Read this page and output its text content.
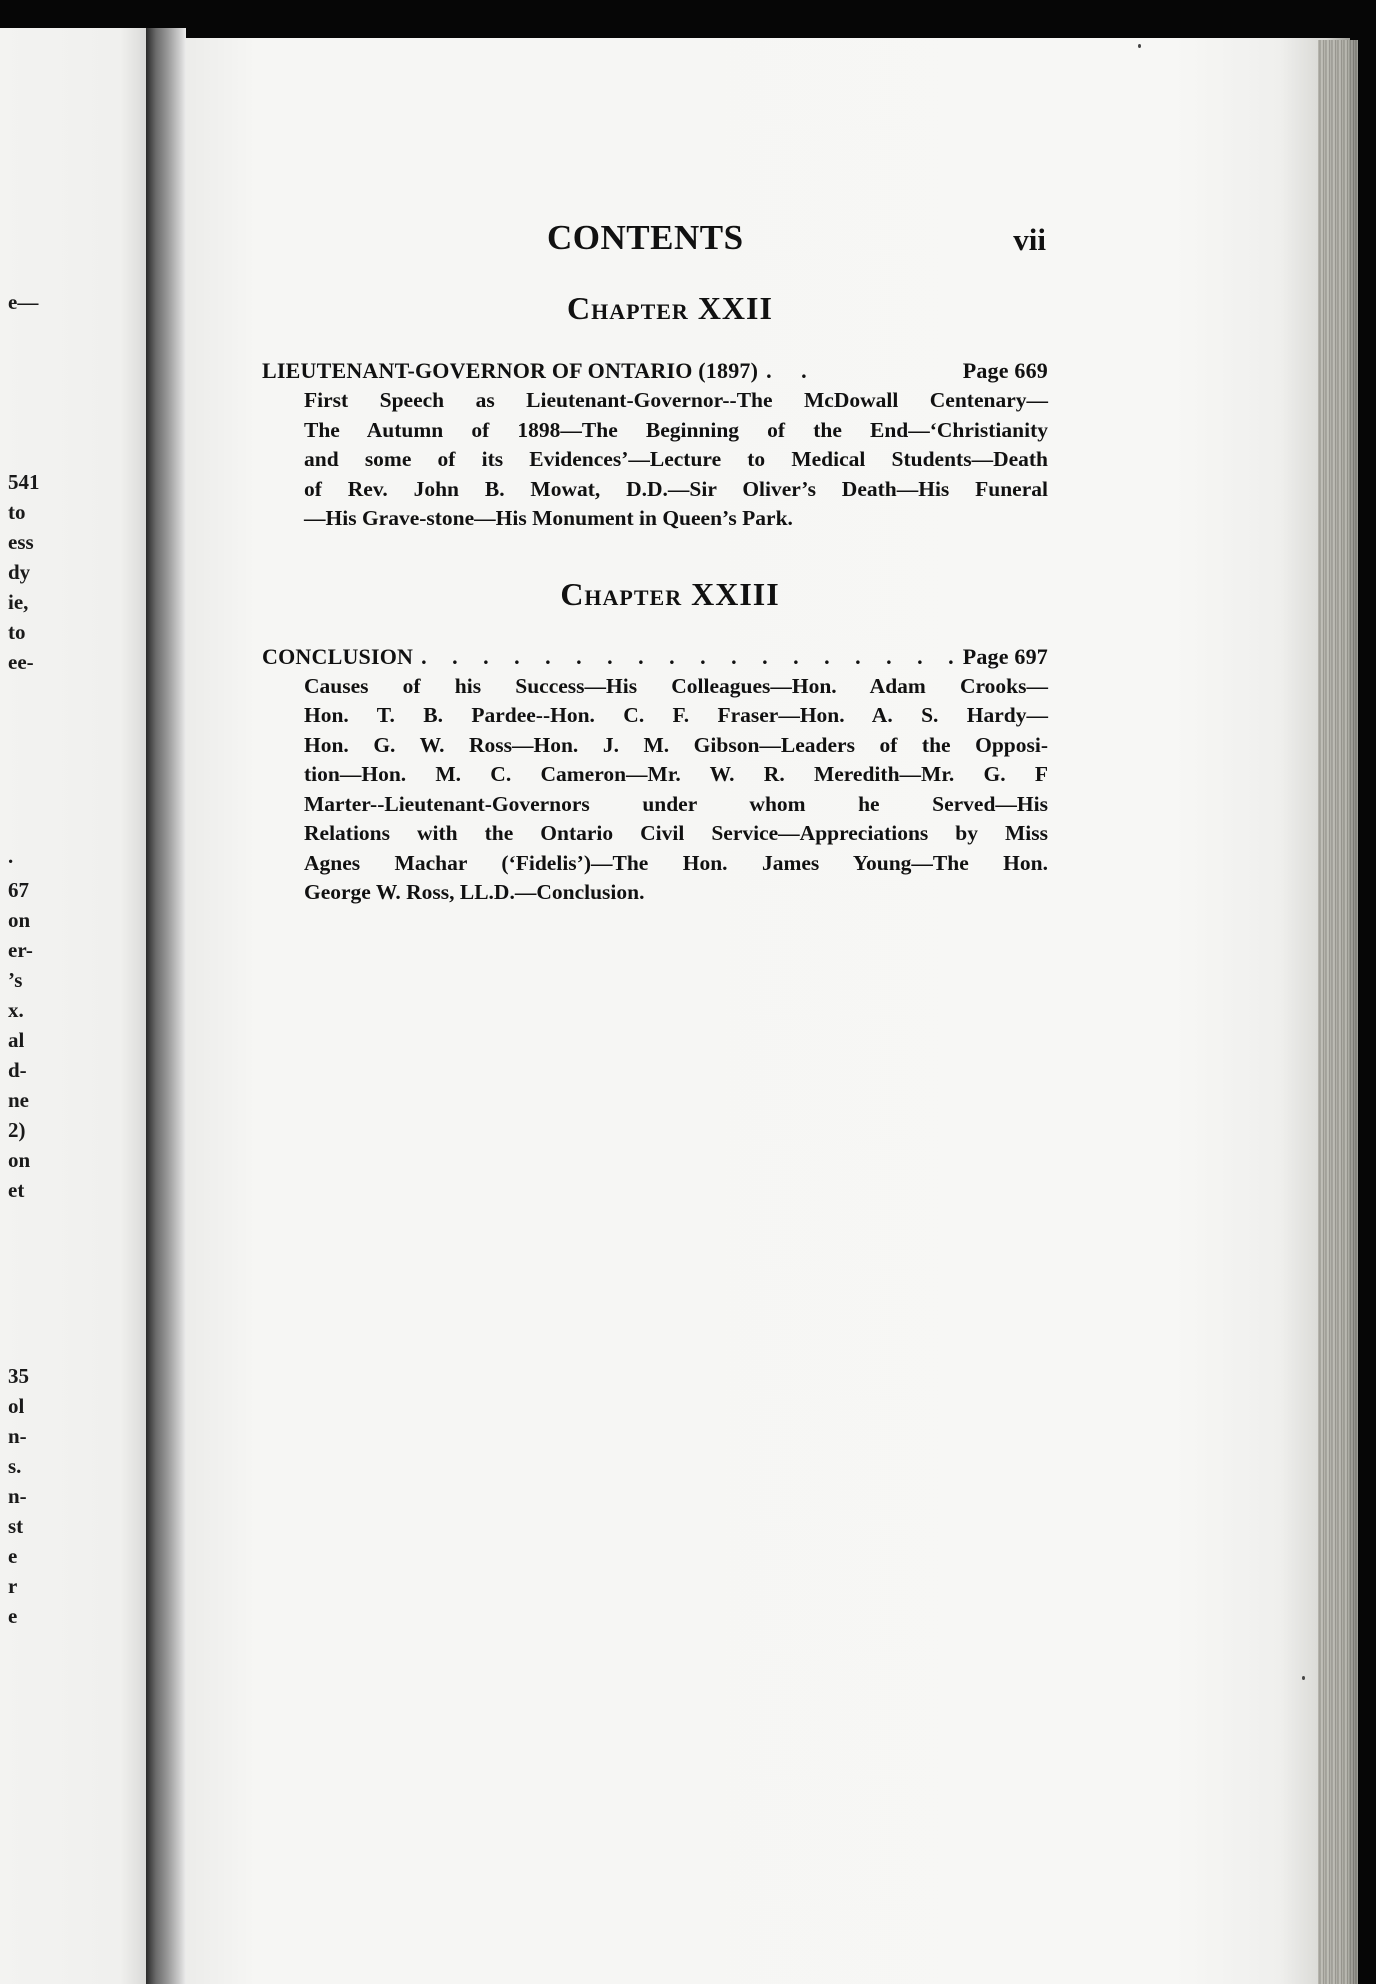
e—
541
to
ess
dy
ie,
to
ee-
.
67
on
er-
’s
x.
al
d-
ne
2)
on
et
35
ol
n-
s.
n-
st
e
r
e
CONTENTS	vii
Chapter XXII
LIEUTENANT-GOVERNOR OF ONTARIO (1897) . . .	Page 669
First Speech as Lieutenant-Governor--The McDowall Centenary—
The Autumn of 1898—The Beginning of the End—‘Christianity
and some of its Evidences’—Lecture to Medical Students—Death
of Rev. John B. Mowat, D.D.—Sir Oliver’s Death—His Funeral
—His Grave-stone—His Monument in Queen’s Park.
Chapter XXIII
CONCLUSION . . .	Page 697
Causes of his Success—His Colleagues—Hon. Adam Crooks—
Hon. T. B. Pardee--Hon. C. F. Fraser—Hon. A. S. Hardy—
Hon. G. W. Ross—Hon. J. M. Gibson—Leaders of the Opposi-
tion—Hon. M. C. Cameron—Mr. W. R. Meredith—Mr. G. F
Marter--Lieutenant-Governors under whom he Served—His
Relations with the Ontario Civil Service—Appreciations by Miss
Agnes Machar (‘Fidelis’)—The Hon. James Young—The Hon.
George W. Ross, LL.D.—Conclusion.
